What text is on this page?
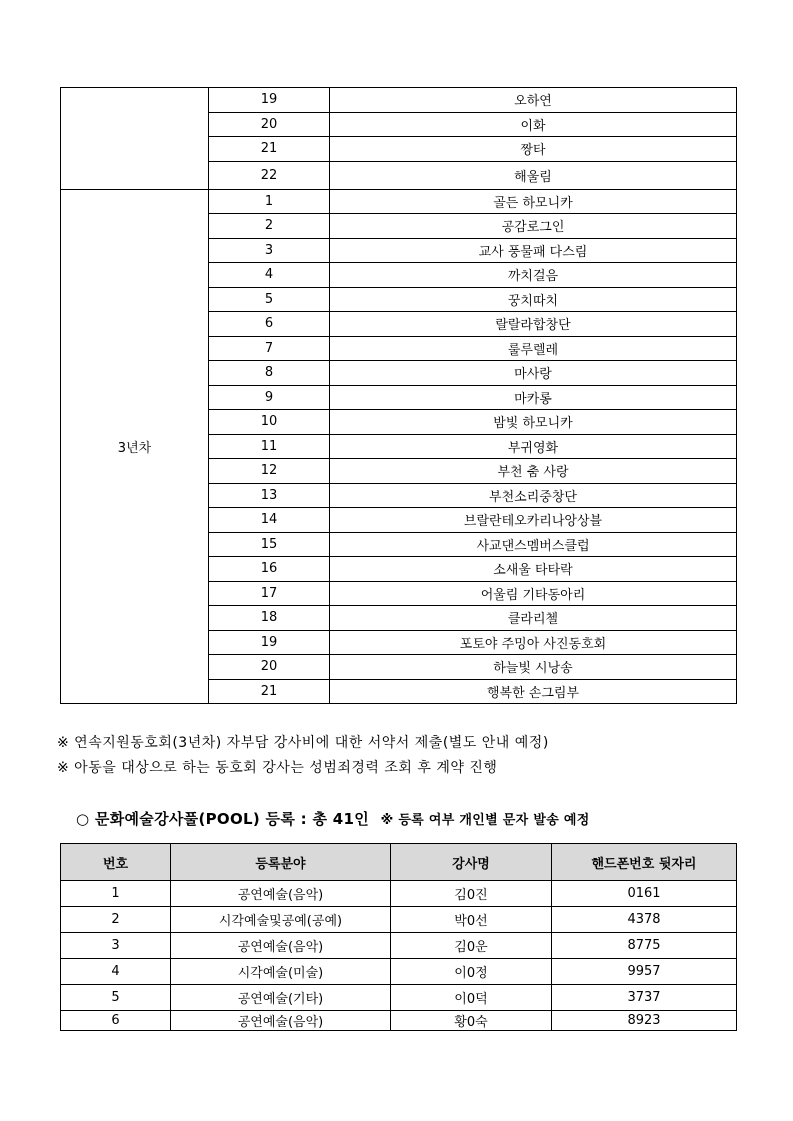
	19	오하연
	20	이화
	21	짱타
	22	해울림
3년차	1	골든 하모니카
	2	공감로그인
	3	교사 풍물패 다스림
	4	까치걸음
	5	꿍치따치
	6	랄랄라합창단
	7	룰루렐레
	8	마사랑
	9	마카롱
	10	밤빛 하모니카
	11	부귀영화
	12	부천 춤 사랑
	13	부천소리중창단
	14	브랄란테오카리나앙상블
	15	사교댄스멤버스클럽
	16	소새울 타타락
	17	어울림 기타동아리
	18	클라리첼
	19	포토야 주밍아 사진동호회
	20	하늘빛 시낭송
	21	행복한 손그림부
※ 연속지원동호회(3년차) 자부담 강사비에 대한 서약서 제출(별도 안내 예정)
※ 아동을 대상으로 하는 동호회 강사는 성범죄경력 조회 후 계약 진행
○ 문화예술강사풀(POOL) 등록 : 총 41인 ※ 등록 여부 개인별 문자 발송 예정
번호	등록분야	강사명	핸드폰번호 뒷자리
1	공연예술(음악)	김0진	0161
2	시각예술및공예(공예)	박0선	4378
3	공연예술(음악)	김0운	8775
4	시각예술(미술)	이0정	9957
5	공연예술(기타)	이0덕	3737
6	공연예술(음악)	황0숙	8923
